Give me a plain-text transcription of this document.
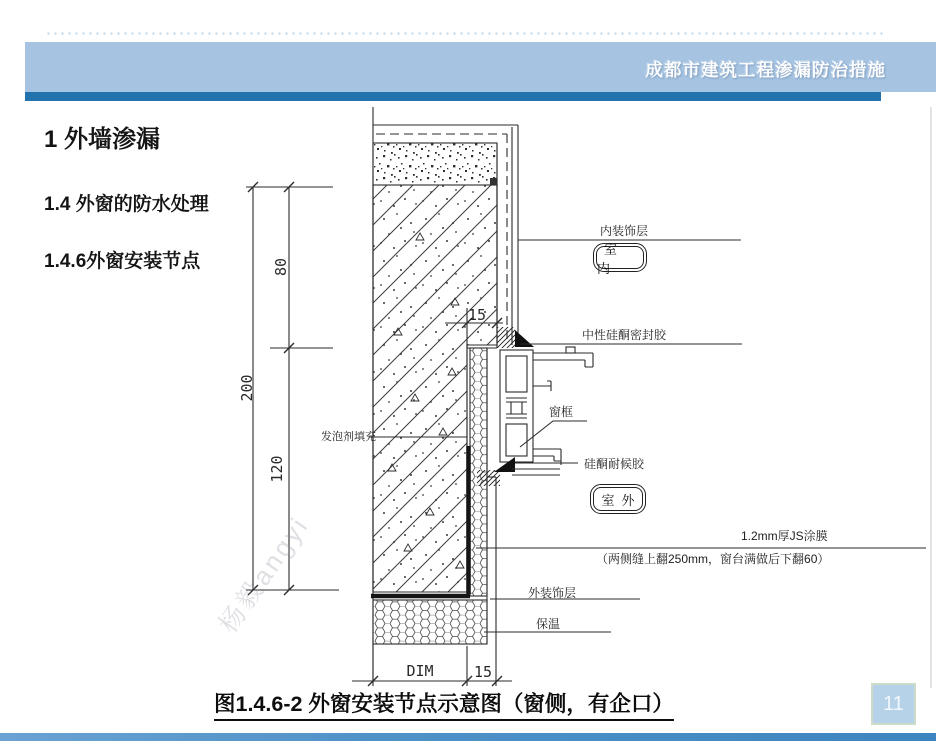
成都市建筑工程渗漏防治措施
1 外墙渗漏
1.4 外窗的防水处理
1.4.6外窗安装节点
200
80
120
15
DIM	15
内装饰层
室内
中性硅酮密封胶
窗框
发泡剂填充
硅酮耐候胶
室外
1.2mm厚JS涂膜
（两侧缝上翻250mm，窗台满做后下翻60）
外装饰层
保温
杨毅angyi
图1.4.6-2 外窗安装节点示意图（窗侧，有企口）	11
